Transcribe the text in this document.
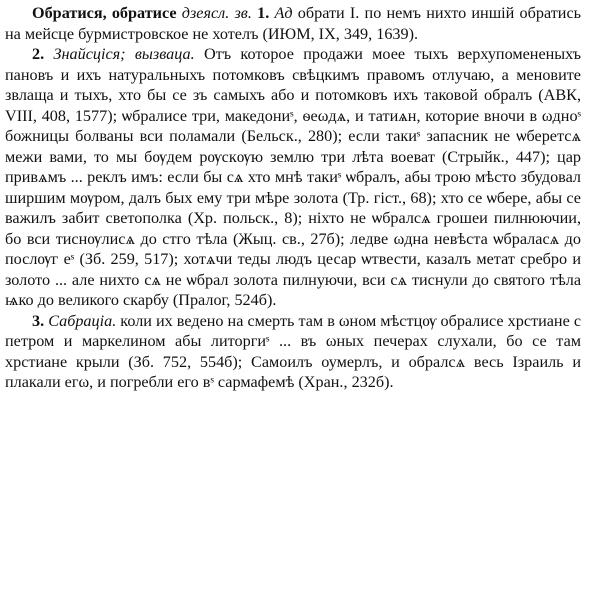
Обратися, обратисе дзеясл. зв. 1. Ад обрати I. по немъ нихто иншій обратись на мейсце бурмистровское не хотелъ (ИЮМ, IX, 349, 1639).

2. Знайсціся; вызваца. Отъ которое продажи моее тыхъ верхупомененыхъ пановъ и ихъ натуральныхъ потомковъ свѣцкимъ правомъ отлучаю, а меновите звлаща и тыхъ, хто бы се зъ самыхъ або и потомковъ ихъ таковой обралъ (АВК, VIII, 408, 1577); ѡбралисе три, македониˢ, ѳеωдѧ, и татиѧн, которие вночи в ωдноˢ божницы болваны вси поламали (Бельск., 280); если такиˢ запасник не ѡберетсѧ межи вами, то мы бѹдем рѹскѹю землю три лѣта воеват (Стрыйк., 447); цар привѧмъ ... реклъ имъ: если бы сѧ хто мнѣ такиˢ ѡбралъ, абы трою мѣсто збудовал ширшим мѹром, далъ быx ему три мѣре золота (Тр. гіст., 68); хто се ѡбере, абы се важилъ забит светополка (Хр. польск., 8); ніхто не ѡбралсѧ грошеи пилнюючии, бо вси тиснѹлисѧ до стго тѣла (Жыц. св., 27б); ледве ωдна невѣста ѡбраласѧ до послѹг еˢ (Зб. 259, 517); хотѧчи теды людъ цесар ѡтвести, казалъ метат сребро и золото ... але нихто сѧ не ѡбрал золота пилнуючи, вси сѧ тиснули до святого тѣла ѩко до великого скарбу (Пралог, 524б).

3. Сабраціа. коли их ведено на смерть там в ωном мѣстцѹ обралисе хрстиане с петром и маркелином абы литоргиˢ ... въ ωных печерах слухали, бо се там хрстиане крыли (Зб. 752, 554б); Самоилъ оумерлъ, и обралсѧ весь Ізраиль и плакали егω, и погребли его вˢ сармафемѣ (Хран., 232б).
